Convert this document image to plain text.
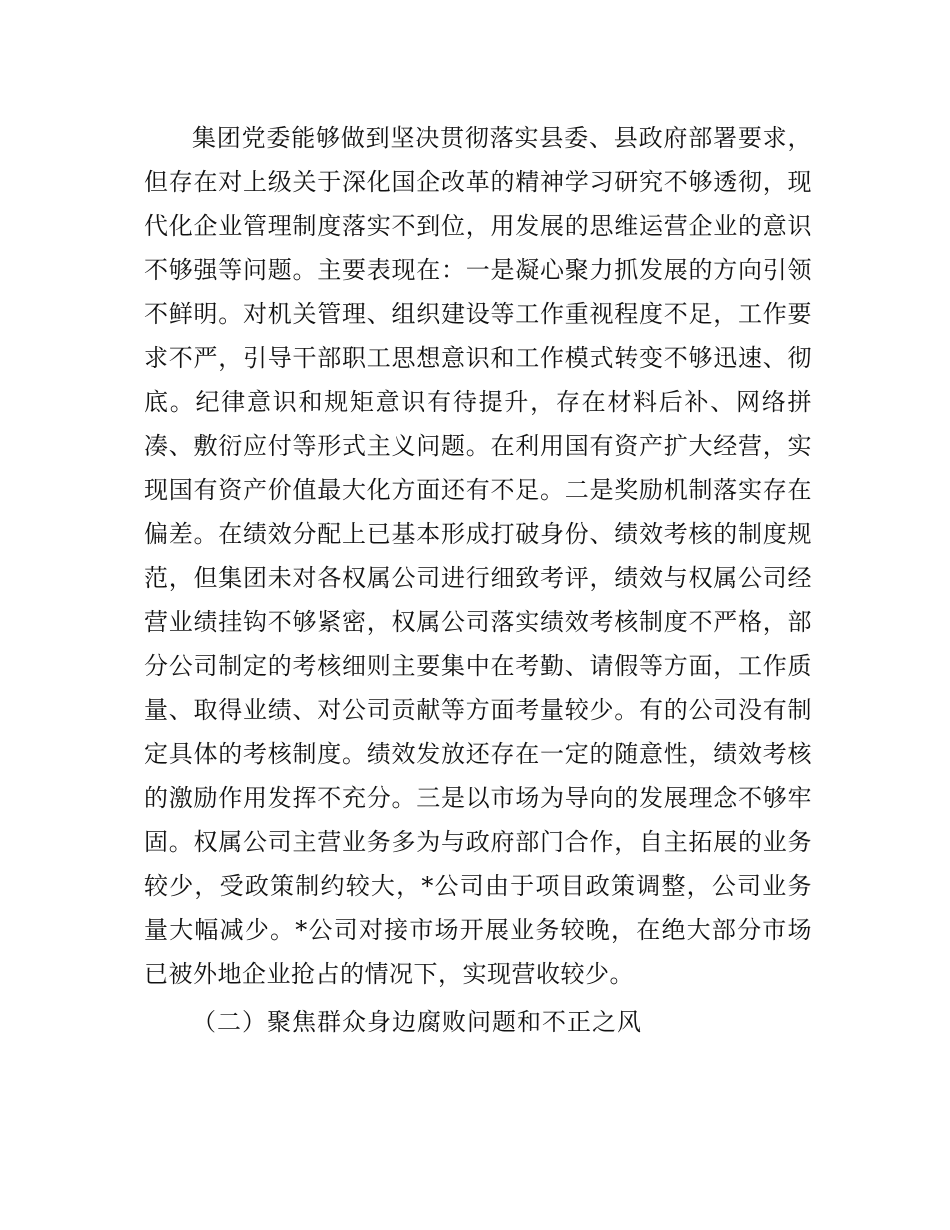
集团党委能够做到坚决贯彻落实县委、县政府部署要求，但存在对上级关于深化国企改革的精神学习研究不够透彻，现代化企业管理制度落实不到位，用发展的思维运营企业的意识不够强等问题。主要表现在：一是凝心聚力抓发展的方向引领不鲜明。对机关管理、组织建设等工作重视程度不足，工作要求不严，引导干部职工思想意识和工作模式转变不够迅速、彻底。纪律意识和规矩意识有待提升，存在材料后补、网络拼凑、敷衍应付等形式主义问题。在利用国有资产扩大经营，实现国有资产价值最大化方面还有不足。二是奖励机制落实存在偏差。在绩效分配上已基本形成打破身份、绩效考核的制度规范，但集团未对各权属公司进行细致考评，绩效与权属公司经营业绩挂钩不够紧密，权属公司落实绩效考核制度不严格，部分公司制定的考核细则主要集中在考勤、请假等方面，工作质量、取得业绩、对公司贡献等方面考量较少。有的公司没有制定具体的考核制度。绩效发放还存在一定的随意性，绩效考核的激励作用发挥不充分。三是以市场为导向的发展理念不够牢固。权属公司主营业务多为与政府部门合作，自主拓展的业务较少，受政策制约较大，*公司由于项目政策调整，公司业务量大幅减少。*公司对接市场开展业务较晚，在绝大部分市场已被外地企业抢占的情况下，实现营收较少。

（二）聚焦群众身边腐败问题和不正之风
